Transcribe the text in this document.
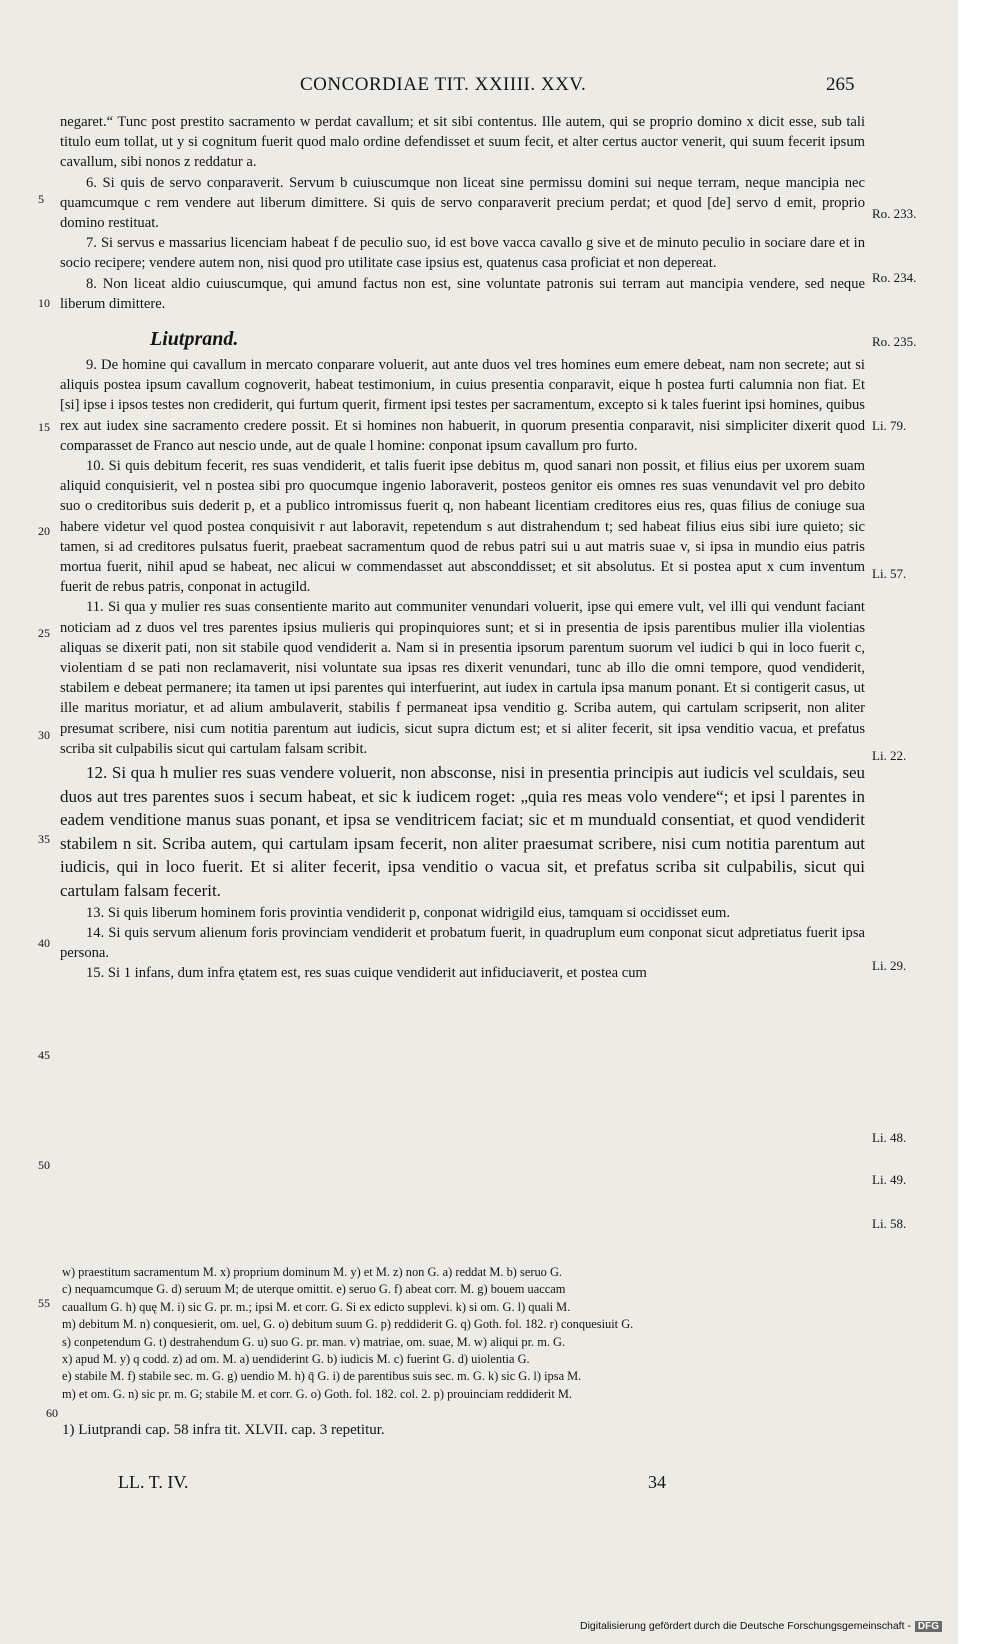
CONCORDIAE TIT. XXIIII. XXV.	265
5
10
15
20
25
30
35
40
45
50
55
60
Ro. 233.
Ro. 234.
Ro. 235.
Li. 79.
Li. 57.
Li. 22.
Li. 29.
Li. 48.
Li. 49.
Li. 58.

negaret.“ Tunc post prestito sacramento w perdat cavallum; et sit sibi contentus. Ille autem, qui se proprio domino x dicit esse, sub tali titulo eum tollat, ut y si cognitum fuerit quod malo ordine defendisset et suum fecit, et alter certus auctor venerit, qui suum fecerit ipsum cavallum, sibi nonos z reddatur a.

6. Si quis de servo conparaverit. Servum b cuiuscumque non liceat sine permissu domini sui neque terram, neque mancipia nec quamcumque c rem vendere aut liberum dimittere. Si quis de servo conparaverit precium perdat; et quod [de] servo d emit, proprio domino restituat.

7. Si servus e massarius licenciam habeat f de peculio suo, id est bove vacca cavallo g sive et de minuto peculio in sociare dare et in socio recipere; vendere autem non, nisi quod pro utilitate case ipsius est, quatenus casa proficiat et non depereat.

8. Non liceat aldio cuiuscumque, qui amund factus non est, sine voluntate patronis sui terram aut mancipia vendere, sed neque liberum dimittere.

Liutprand.

9. De homine qui cavallum in mercato conparare voluerit, aut ante duos vel tres homines eum emere debeat, nam non secrete; aut si aliquis postea ipsum cavallum cognoverit, habeat testimonium, in cuius presentia conparavit, eique h postea furti calumnia non fiat. Et [si] ipse i ipsos testes non crediderit, qui furtum querit, firment ipsi testes per sacramentum, excepto si k tales fuerint ipsi homines, quibus rex aut iudex sine sacramento credere possit. Et si homines non habuerit, in quorum presentia conparavit, nisi simpliciter dixerit quod comparasset de Franco aut nescio unde, aut de quale l homine: conponat ipsum cavallum pro furto.

10. Si quis debitum fecerit, res suas vendiderit, et talis fuerit ipse debitus m, quod sanari non possit, et filius eius per uxorem suam aliquid conquisierit, vel n postea sibi pro quocumque ingenio laboraverit, posteos genitor eis omnes res suas venundavit vel pro debito suo o creditoribus suis dederit p, et a publico intromissus fuerit q, non habeant licentiam creditores eius res, quas filius de coniuge sua habere videtur vel quod postea conquisivit r aut laboravit, repetendum s aut distrahendum t; sed habeat filius eius sibi iure quieto; sic tamen, si ad creditores pulsatus fuerit, praebeat sacramentum quod de rebus patri sui u aut matris suae v, si ipsa in mundio eius patris mortua fuerit, nihil apud se habeat, nec alicui w commendasset aut absconddisset; et sit absolutus. Et si postea aput x cum inventum fuerit de rebus patris, conponat in actugild.

11. Si qua y mulier res suas consentiente marito aut communiter venundari voluerit, ipse qui emere vult, vel illi qui vendunt faciant noticiam ad z duos vel tres parentes ipsius mulieris qui propinquiores sunt; et si in presentia de ipsis parentibus mulier illa violentias aliquas se dixerit pati, non sit stabile quod vendiderit a. Nam si in presentia ipsorum parentum suorum vel iudici b qui in loco fuerit c, violentiam d se pati non reclamaverit, nisi voluntate sua ipsas res dixerit venundari, tunc ab illo die omni tempore, quod vendiderit, stabilem e debeat permanere; ita tamen ut ipsi parentes qui interfuerint, aut iudex in cartula ipsa manum ponant. Et si contigerit casus, ut ille maritus moriatur, et ad alium ambulaverit, stabilis f permaneat ipsa venditio g. Scriba autem, qui cartulam scripserit, non aliter presumat scribere, nisi cum notitia parentum aut iudicis, sicut supra dictum est; et si aliter fecerit, sit ipsa venditio vacua, et prefatus scriba sit culpabilis sicut qui cartulam falsam scribit.

12. Si qua h mulier res suas vendere voluerit, non absconse, nisi in presentia principis aut iudicis vel sculdais, seu duos aut tres parentes suos i secum habeat, et sic k iudicem roget: „quia res meas volo vendere“; et ipsi l parentes in eadem venditione manus suas ponant, et ipsa se venditricem faciat; sic et m munduald consentiat, et quod vendiderit stabilem n sit. Scriba autem, qui cartulam ipsam fecerit, non aliter praesumat scribere, nisi cum notitia parentum aut iudicis, qui in loco fuerit. Et si aliter fecerit, ipsa venditio o vacua sit, et prefatus scriba sit culpabilis, sicut qui cartulam falsam fecerit.

13. Si quis liberum hominem foris provintia vendiderit p, conponat widrigild eius, tamquam si occidisset eum.

14. Si quis servum alienum foris provinciam vendiderit et probatum fuerit, in quadruplum eum conponat sicut adpretiatus fuerit ipsa persona.

15. Si 1 infans, dum infra ętatem est, res suas cuique vendiderit aut infiduciaverit, et postea cum

w) praestitum sacramentum M. x) proprium dominum M. y) et M. z) non G. a) reddat M. b) seruo G.

c) nequamcumque G. d) seruum M; de uterque omittit. e) seruo G. f) abeat corr. M. g) bouem uaccam

cauallum G. h) quę M. i) sic G. pr. m.; ipsi M. et corr. G. Si ex edicto supplevi. k) si om. G. l) quali M.

m) debitum M. n) conquesierit, om. uel, G. o) debitum suum G. p) reddiderit G. q) Goth. fol. 182. r) conquesiuit G.

s) conpetendum G. t) destrahendum G. u) suo G. pr. man. v) matriae, om. suae, M. w) aliqui pr. m. G.

x) apud M. y) q codd. z) ad om. M. a) uendiderint G. b) iudicis M. c) fuerint G. d) uiolentia G.

e) stabile M. f) stabile sec. m. G. g) uendio M. h) q̄ G. i) de parentibus suis sec. m. G. k) sic G. l) ipsa M.

m) et om. G. n) sic pr. m. G; stabile M. et corr. G. o) Goth. fol. 182. col. 2. p) prouinciam reddiderit M.

1) Liutprandi cap. 58 infra tit. XLVII. cap. 3 repetitur.
LL. T. IV.	34
Digitalisierung gefördert durch die Deutsche Forschungsgemeinschaft - DFG
